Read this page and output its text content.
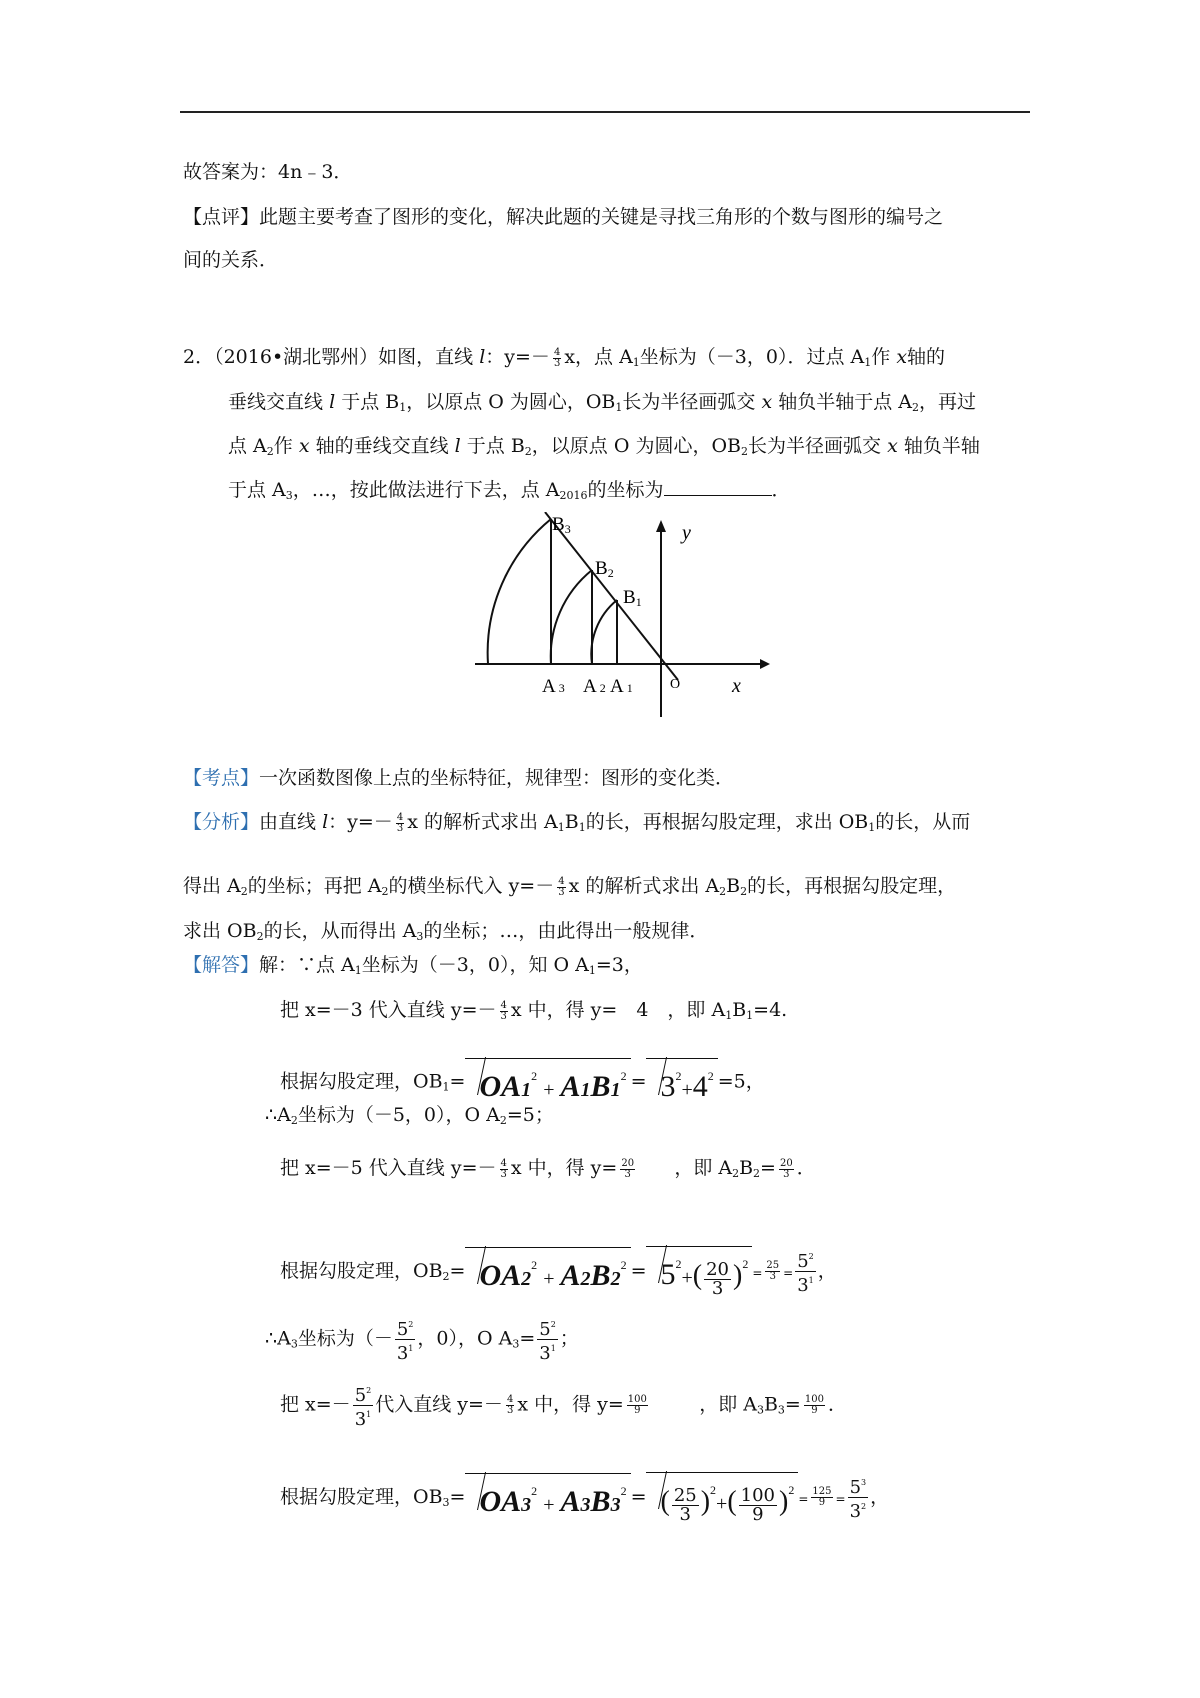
故答案为：4n﹣3．
【点评】此题主要考查了图形的变化，解决此题的关键是寻找三角形的个数与图形的编号之
间的关系．
2．（2016•湖北鄂州）如图，直线 l：$y=- \frac{4}{3}$ x，点 $A_1$坐标为（－3，0）．过点 $A_1$作 x轴的
垂线交直线 l 于点 $B_1$，以原点 O 为圆心，$OB_1$长为半径画弧交 x 轴负半轴于点 $A_2$，再过
点 $A_2$作 x 轴的垂线交直线 l 于点 $B_2$，以原点 O 为圆心，$OB_2$长为半径画弧交 x 轴负半轴
于点 $A_3$，…，按此做法进行下去，点 $A_{2016}$的坐标为	．
B3
B2
B1
A 3 A 2 A 1	O	x
y
【考点】一次函数图像上点的坐标特征，规律型：图形的变化类．
【分析】由直线 l：$y=- \frac{4}{3}$ x 的解析式求出 $A_1B_1$的长，再根据勾股定理，求出 $OB_1$的长，从而
得出 $A_2$的坐标；再把 $A_2$的横坐标代入 $y=- \frac{4}{3}$ x 的解析式求出 $A_2B_2$的长，再根据勾股定理，
求出 $OB_2$的长，从而得出 $A_3$的坐标；…，由此得出一般规律．
【解答】解：∵点 $A_1$坐标为（－3，0），知 O $A_1=3$，
把 x=－3 代入直线 $y=- \frac{4}{3}$ x 中，得 y=　4　，即 $A_1B_1=4$.
根据勾股定理，$OB_1= OA1^2 + A1B1^2 = 3^2+4^2 =5$，
$\therefore A_2$坐标为（－5，0），O $A_2=5$；
把 x=－5 代入直线 $y=- \frac{4}{3}$ x 中，得 $y= \frac{20}{3}$ ，即 $A_2B_2= \frac{20}{3}$ ．
根据勾股定理，$OB_2= OA2^2 + A2B2^2 = 5^2+( \frac{20}{3} )^2= \frac{25}{3} = \frac{5^2}{3^1}$ ，
$\therefore A_3$坐标为（－ $\frac{5^2}{3^1}$ ，0），O $A_3= \frac{5^2}{3^1}$ ；
把 $x=- \frac{5^2}{3^1}$ 代入直线 $y=- \frac{4}{3}$ x 中，得 $y= \frac{100}{9}$	，即 $A_3B_3= \frac{100}{9}$ ．
根据勾股定理，$OB_3= OA3^2 + A3B3^2$ = ( $\frac{25}{3} )^2+( \frac{100}{9} )^2= \frac{125}{9} = \frac{5^3}{3^2}$ ，
